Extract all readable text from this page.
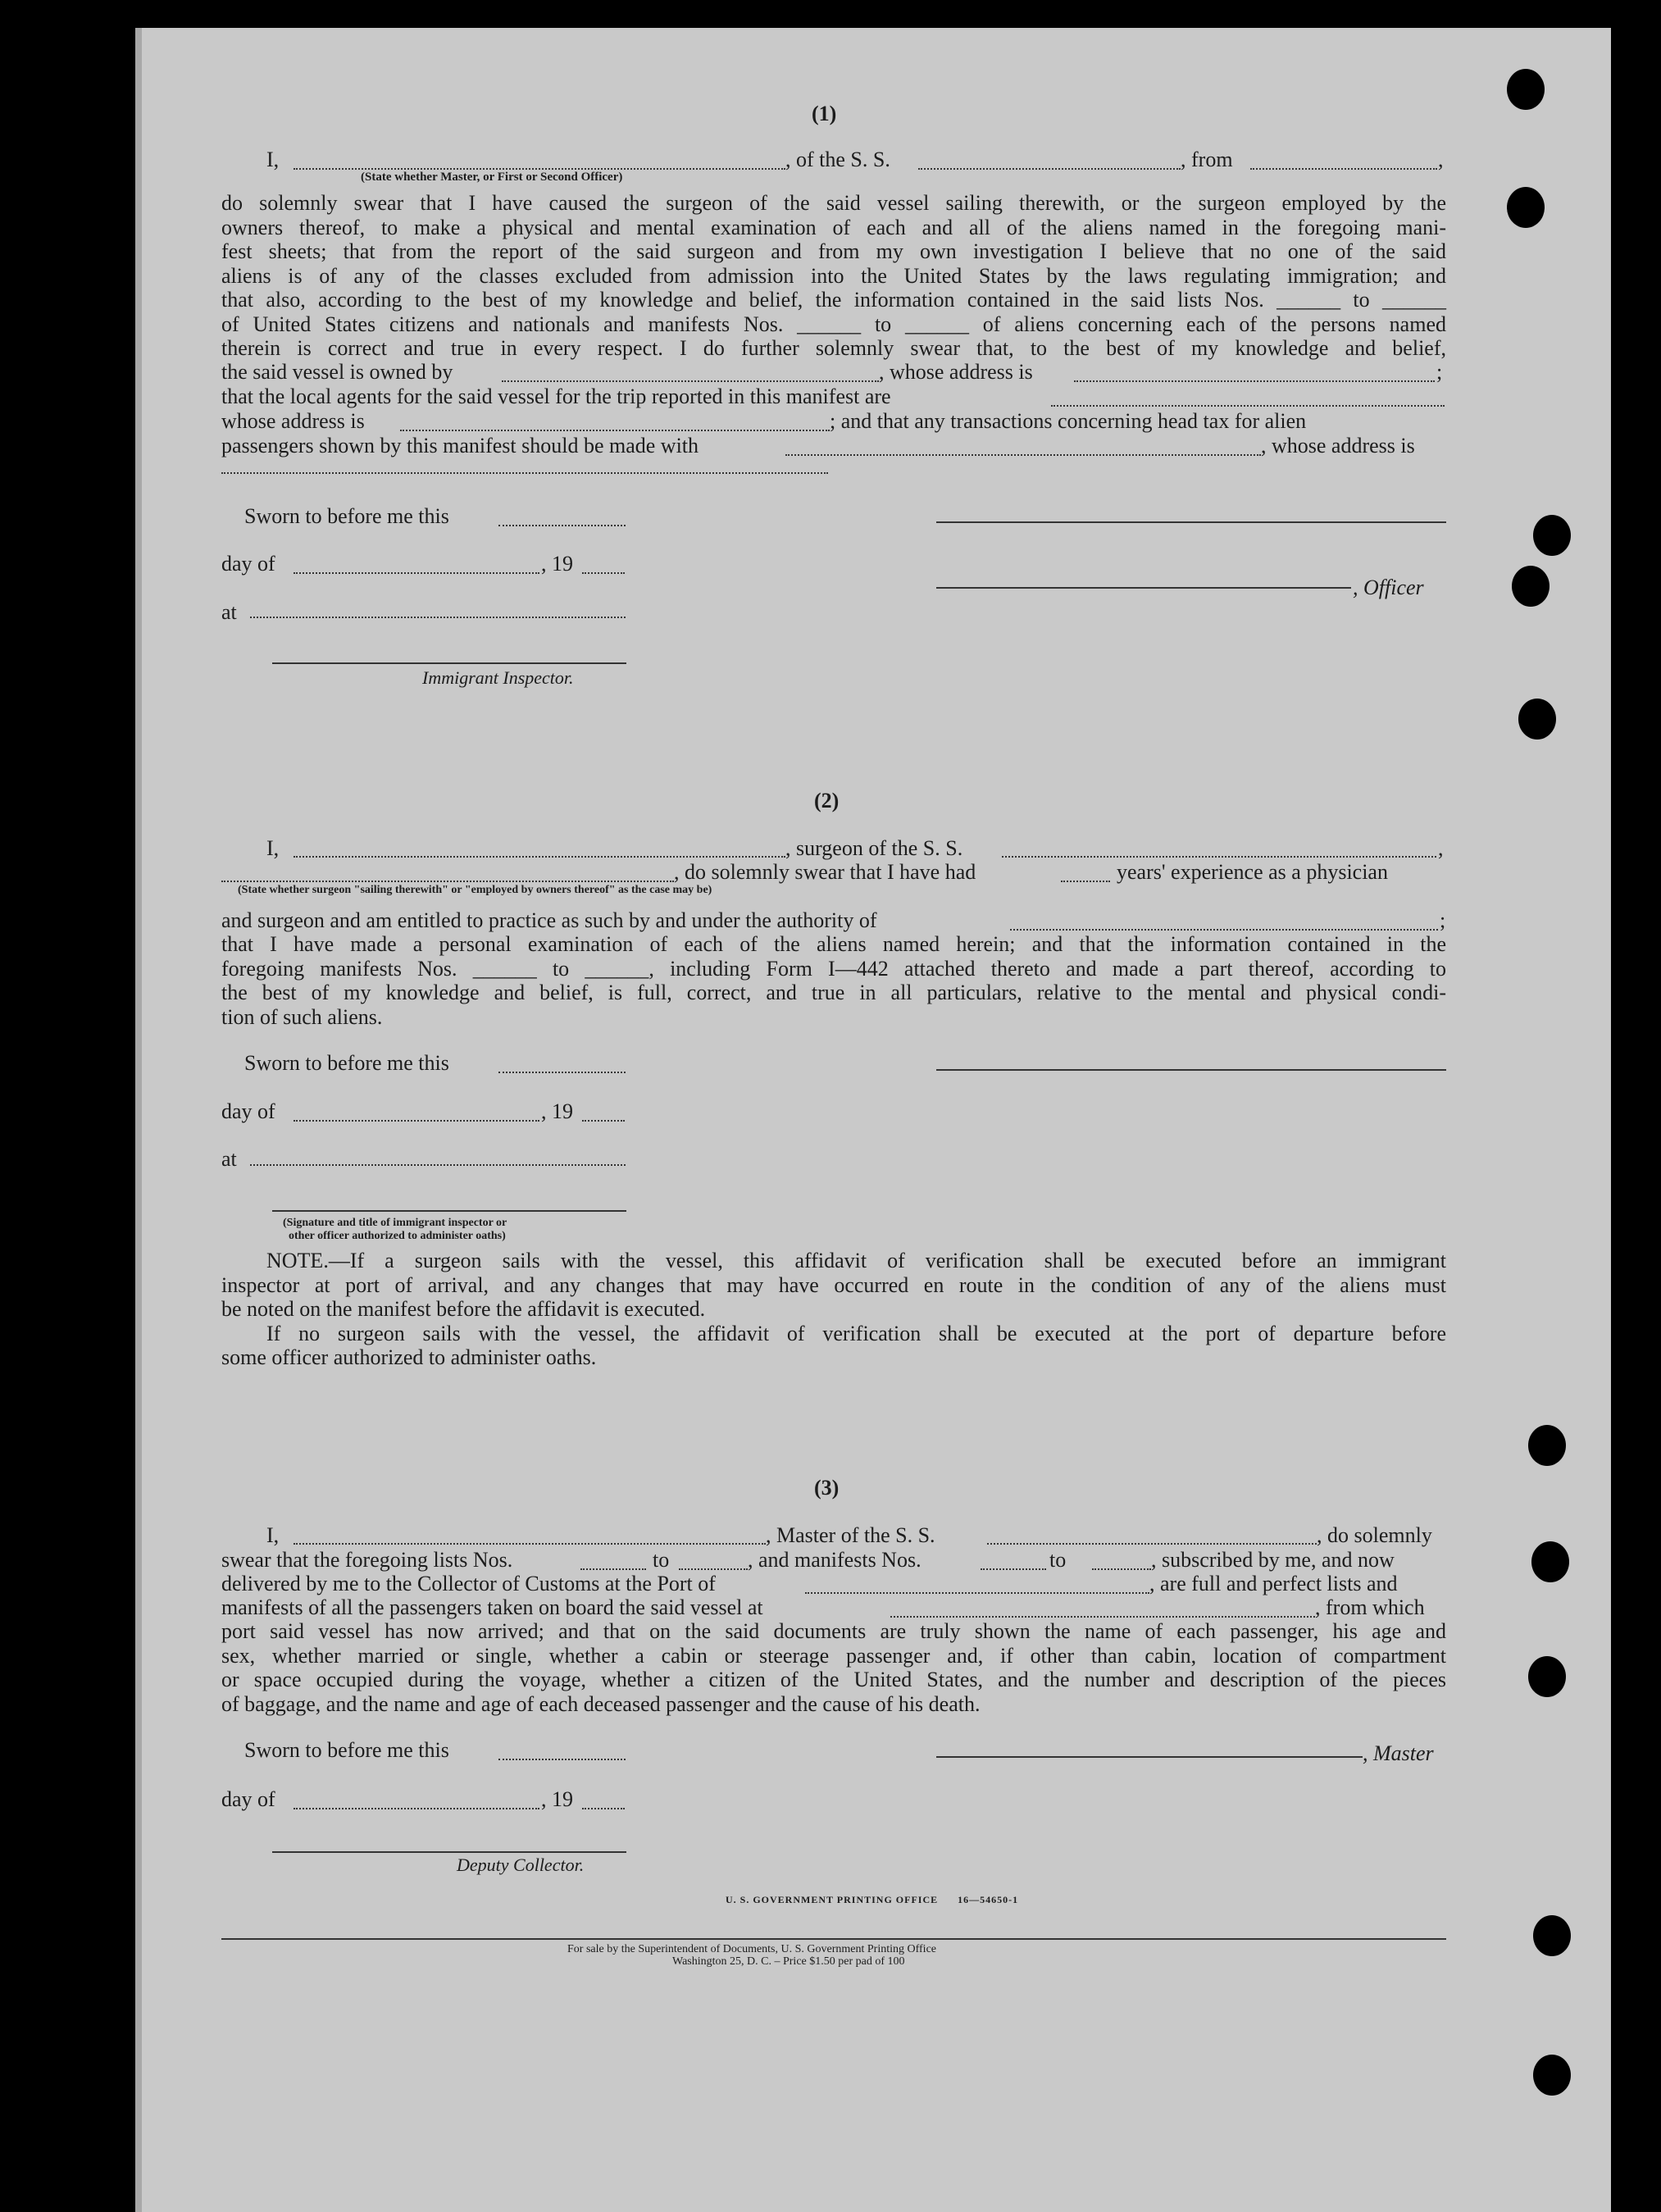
(1)
I,	, of the S. S.	, from	,
(State whether Master, or First or Second Officer)
do solemnly swear that I have caused the surgeon of the said vessel sailing therewith, or the surgeon employed by the
owners thereof, to make a physical and mental examination of each and all of the aliens named in the foregoing mani-
fest sheets; that from the report of the said surgeon and from my own investigation I believe that no one of the said
aliens is of any of the classes excluded from admission into the United States by the laws regulating immigration; and
that also, according to the best of my knowledge and belief, the information contained in the said lists Nos. ______ to ______
of United States citizens and nationals and manifests Nos. ______ to ______ of aliens concerning each of the persons named
therein is correct and true in every respect. I do further solemnly swear that, to the best of my knowledge and belief,
the said vessel is owned by	, whose address is	;
that the local agents for the said vessel for the trip reported in this manifest are
whose address is	; and that any transactions concerning head tax for alien
passengers shown by this manifest should be made with	, whose address is
Sworn to before me this
day of	, 19
, Officer
at
Immigrant Inspector.
(2)
I,	, surgeon of the S. S.	,
, do solemnly swear that I have had	years' experience as a physician
(State whether surgeon "sailing therewith" or "employed by owners thereof" as the case may be)
and surgeon and am entitled to practice as such by and under the authority of	;
that I have made a personal examination of each of the aliens named herein; and that the information contained in the
foregoing manifests Nos. ______ to ______, including Form I—442 attached thereto and made a part thereof, according to
the best of my knowledge and belief, is full, correct, and true in all particulars, relative to the mental and physical condi-
tion of such aliens.
Sworn to before me this
day of	, 19
at
(Signature and title of immigrant inspector or
other officer authorized to administer oaths)
NOTE.—If a surgeon sails with the vessel, this affidavit of verification shall be executed before an immigrant
inspector at port of arrival, and any changes that may have occurred en route in the condition of any of the aliens must
be noted on the manifest before the affidavit is executed.
If no surgeon sails with the vessel, the affidavit of verification shall be executed at the port of departure before
some officer authorized to administer oaths.
(3)
I,	, Master of the S. S.	, do solemnly
swear that the foregoing lists Nos.	to	, and manifests Nos.	to	, subscribed by me, and now
delivered by me to the Collector of Customs at the Port of	, are full and perfect lists and
manifests of all the passengers taken on board the said vessel at	, from which
port said vessel has now arrived; and that on the said documents are truly shown the name of each passenger, his age and
sex, whether married or single, whether a cabin or steerage passenger and, if other than cabin, location of compartment
or space occupied during the voyage, whether a citizen of the United States, and the number and description of the pieces
of baggage, and the name and age of each deceased passenger and the cause of his death.
Sworn to before me this	, Master
day of	, 19
Deputy Collector.
U. S. GOVERNMENT PRINTING OFFICE      16—54650-1
For sale by the Superintendent of Documents, U. S. Government Printing Office
Washington 25, D. C. – Price $1.50 per pad of 100
